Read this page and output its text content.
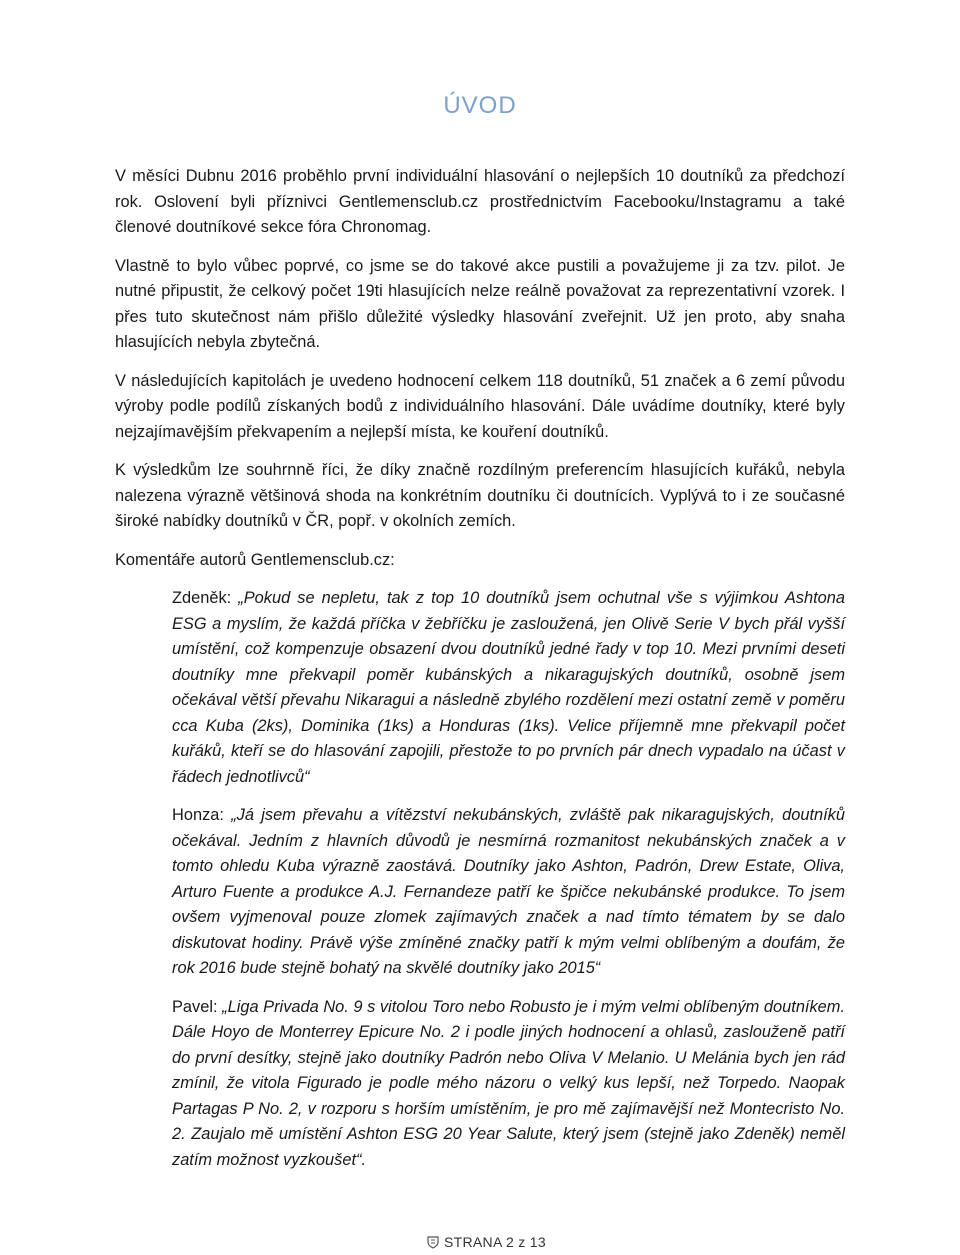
ÚVOD

V měsíci Dubnu 2016 proběhlo první individuální hlasování o nejlepších 10 doutníků za předchozí rok. Oslovení byli příznivci Gentlemensclub.cz prostřednictvím Facebooku/Instagramu a také členové doutníkové sekce fóra Chronomag.

Vlastně to bylo vůbec poprvé, co jsme se do takové akce pustili a považujeme ji za tzv. pilot. Je nutné připustit, že celkový počet 19ti hlasujících nelze reálně považovat za reprezentativní vzorek. I přes tuto skutečnost nám přišlo důležité výsledky hlasování zveřejnit. Už jen proto, aby snaha hlasujících nebyla zbytečná.

V následujících kapitolách je uvedeno hodnocení celkem 118 doutníků, 51 značek a 6 zemí původu výroby podle podílů získaných bodů z individuálního hlasování. Dále uvádíme doutníky, které byly nejzajímavějším překvapením a nejlepší místa, ke kouření doutníků.

K výsledkům lze souhrnně říci, že díky značně rozdílným preferencím hlasujících kuřáků, nebyla nalezena výrazně většinová shoda na konkrétním doutníku či doutnících. Vyplývá to i ze současné široké nabídky doutníků v ČR, popř. v okolních zemích.

Komentáře autorů Gentlemensclub.cz:

Zdeněk: „Pokud se nepletu, tak z top 10 doutníků jsem ochutnal vše s výjimkou Ashtona ESG a myslím, že každá příčka v žebříčku je zasloužená, jen Olivě Serie V bych přál vyšší umístění, což kompenzuje obsazení dvou doutníků jedné řady v top 10. Mezi prvními deseti doutníky mne překvapil poměr kubánských a nikaragujských doutníků, osobně jsem očekával větší převahu Nikaragui a následně zbylého rozdělení mezi ostatní země v poměru cca Kuba (2ks), Dominika (1ks) a Honduras (1ks). Velice příjemně mne překvapil počet kuřáků, kteří se do hlasování zapojili, přestože to po prvních pár dnech vypadalo na účast v řádech jednotlivců“

Honza: „Já jsem převahu a vítězství nekubánských, zvláště pak nikaragujských, doutníků očekával. Jedním z hlavních důvodů je nesmírná rozmanitost nekubánských značek a v tomto ohledu Kuba výrazně zaostává. Doutníky jako Ashton, Padrón, Drew Estate, Oliva, Arturo Fuente a produkce A.J. Fernandeze patří ke špičce nekubánské produkce. To jsem ovšem vyjmenoval pouze zlomek zajímavých značek a nad tímto tématem by se dalo diskutovat hodiny. Právě výše zmíněné značky patří k mým velmi oblíbeným a doufám, že rok 2016 bude stejně bohatý na skvělé doutníky jako 2015“

Pavel: „Liga Privada No. 9 s vitolou Toro nebo Robusto je i mým velmi oblíbeným doutníkem. Dále Hoyo de Monterrey Epicure No. 2 i podle jiných hodnocení a ohlasů, zaslouženě patří do první desítky, stejně jako doutníky Padrón nebo Oliva V Melanio. U Melánia bych jen rád zmínil, že vitola Figurado je podle mého názoru o velký kus lepší, než Torpedo. Naopak Partagas P No. 2, v rozporu s horším umístěním, je pro mě zajímavější než Montecristo No. 2. Zaujalo mě umístění Ashton ESG 20 Year Salute, který jsem (stejně jako Zdeněk) neměl zatím možnost vyzkoušet“.

STRANA 2 z 13
